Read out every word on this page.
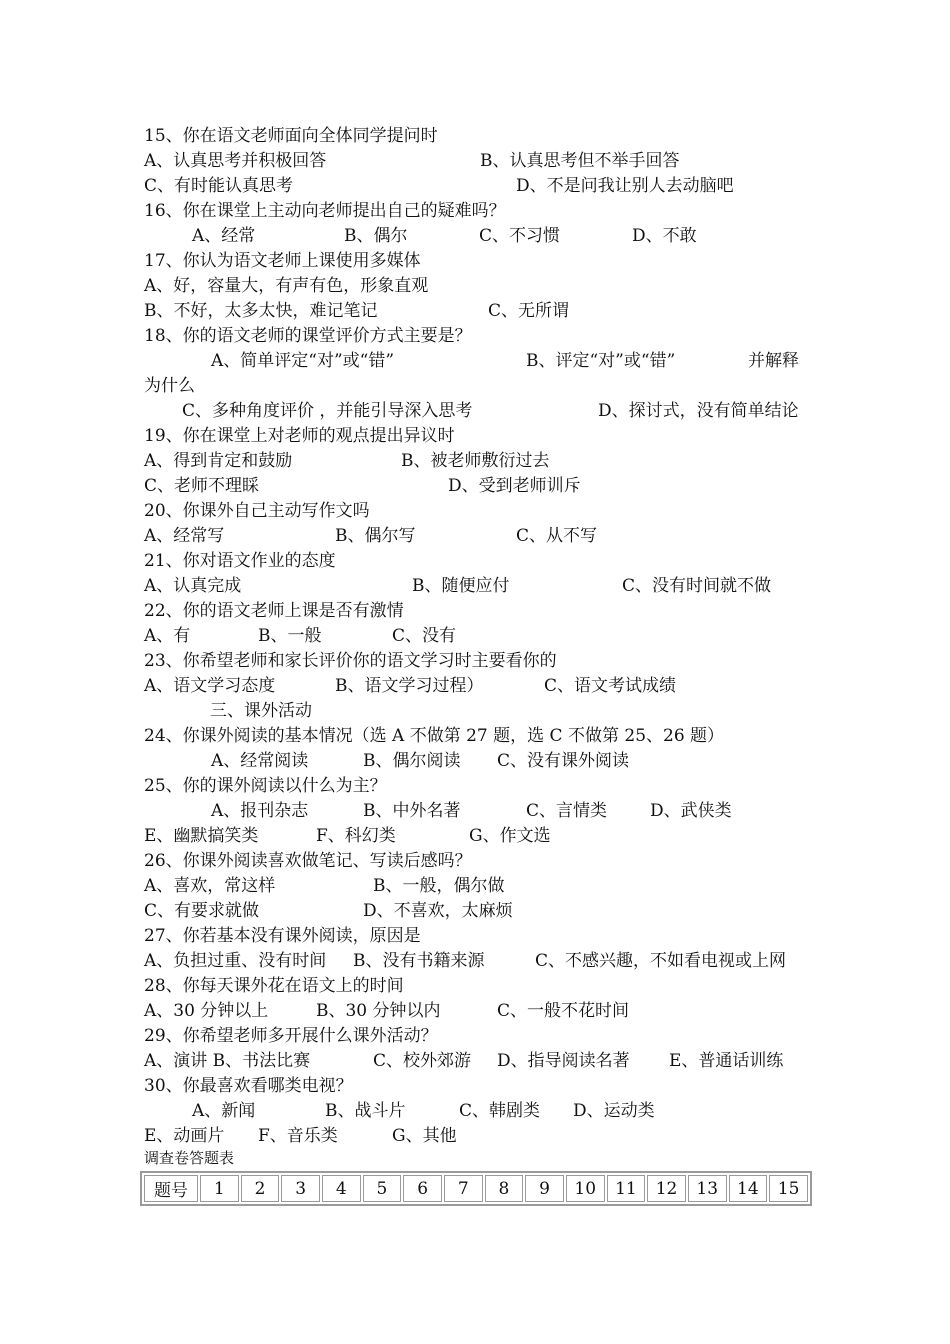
15、你在语文老师面向全体同学提问时
A、认真思考并积极回答	B、认真思考但不举手回答
C、有时能认真思考	D、不是问我让别人去动脑吧
16、你在课堂上主动向老师提出自己的疑难吗？
A、经常	B、偶尔	C、不习惯	D、不敢
17、你认为语文老师上课使用多媒体
A、好，容量大，有声有色，形象直观
B、不好，太多太快，难记笔记	C、无所谓
18、你的语文老师的课堂评价方式主要是？
A、简单评定“对”或“错”	B、评定“对”或“错”	并解释
为什么
C、多种角度评价 ，并能引导深入思考	D、探讨式，没有简单结论
19、你在课堂上对老师的观点提出异议时
A、得到肯定和鼓励	B、被老师敷衍过去
C、老师不理睬	D、受到老师训斥
20、你课外自己主动写作文吗
A、经常写	B、偶尔写	C、从不写
21、你对语文作业的态度
A、认真完成	B、随便应付	C、没有时间就不做
22、你的语文老师上课是否有激情
A、有	B、一般	C、没有
23、你希望老师和家长评价你的语文学习时主要看你的
A、语文学习态度	B、语文学习过程）	C、语文考试成绩
三、课外活动
24、你课外阅读的基本情况（选 A 不做第 27 题，选 C 不做第 25、26 题）
A、经常阅读	B、偶尔阅读 C、没有课外阅读
25、你的课外阅读以什么为主？
A、报刊杂志	B、中外名著	C、言情类	D、武侠类
E、幽默搞笑类	F、科幻类	G、作文选
26、你课外阅读喜欢做笔记、写读后感吗？
A、喜欢，常这样	B、一般，偶尔做
C、有要求就做	D、不喜欢，太麻烦
27、你若基本没有课外阅读，原因是
A、负担过重、没有时间 B、没有书籍来源	C、不感兴趣，不如看电视或上网
28、你每天课外花在语文上的时间
A、30 分钟以上	B、30 分钟以内	C、一般不花时间
29、你希望老师多开展什么课外活动？
A、演讲 B、书法比赛	C、校外郊游 D、指导阅读名著 E、普通话训练
30、你最喜欢看哪类电视？
A、新闻	B、战斗片	C、韩剧类 D、运动类
E、动画片 F、音乐类	G、其他
调查卷答题表
题号	1	2	3	4	5	6	7	8	9	10	11	12	13	14	15
